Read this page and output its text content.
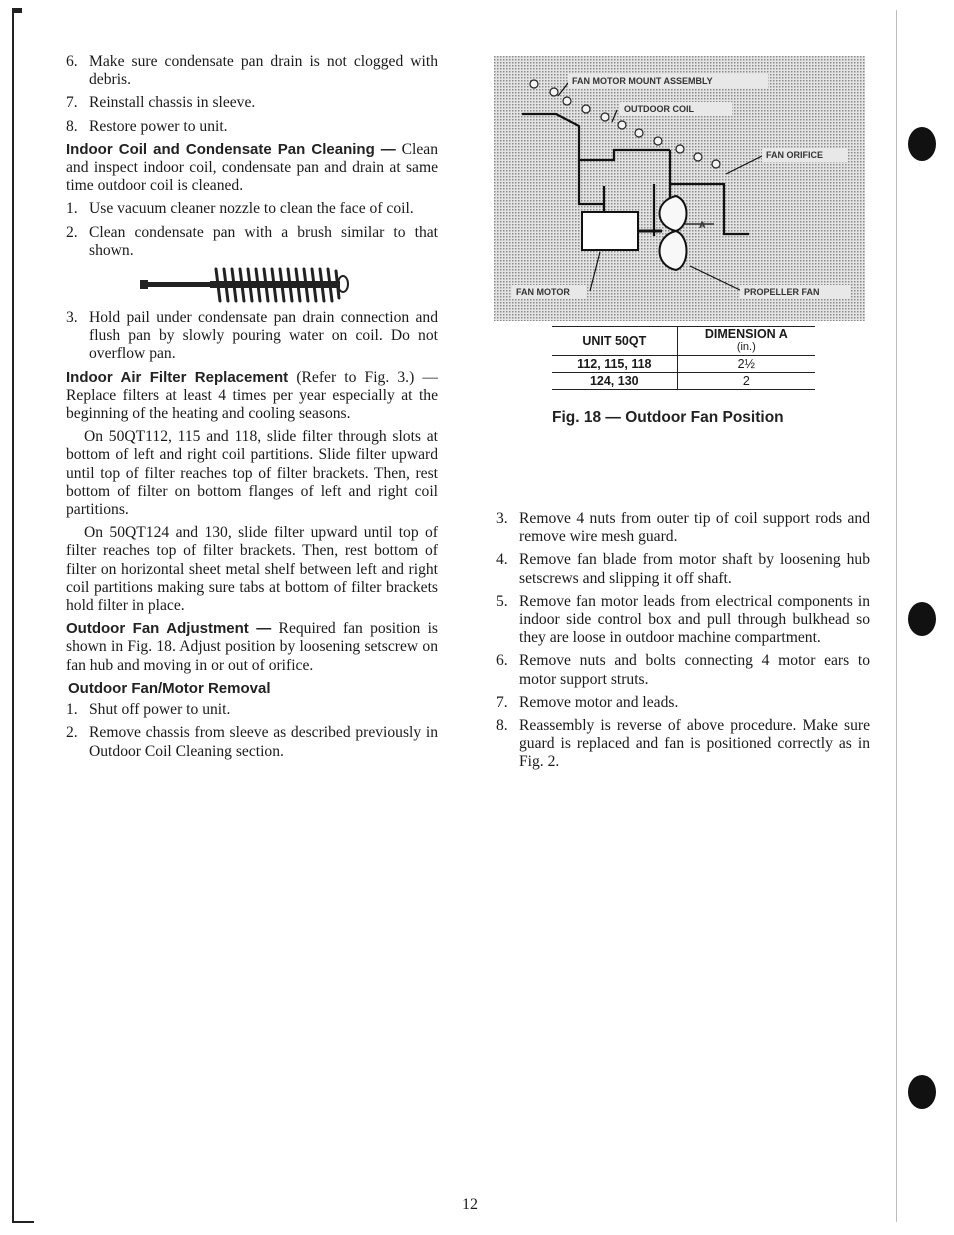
6. Make sure condensate pan drain is not clogged with debris.
7. Reinstall chassis in sleeve.
8. Restore power to unit.
Indoor Coil and Condensate Pan Cleaning — Clean and inspect indoor coil, condensate pan and drain at same time outdoor coil is cleaned.
1. Use vacuum cleaner nozzle to clean the face of coil.
2. Clean condensate pan with a brush similar to that shown.
3. Hold pail under condensate pan drain connection and flush pan by slowly pouring water on coil. Do not overflow pan.
Indoor Air Filter Replacement (Refer to Fig. 3.) — Replace filters at least 4 times per year especially at the beginning of the heating and cooling seasons.
On 50QT112, 115 and 118, slide filter through slots at bottom of left and right coil partitions. Slide filter upward until top of filter reaches top of filter brackets. Then, rest bottom of filter on bottom flanges of left and right coil partitions.
On 50QT124 and 130, slide filter upward until top of filter reaches top of filter brackets. Then, rest bottom of filter on horizontal sheet metal shelf between left and right coil partitions making sure tabs at bottom of filter brackets hold filter in place.
Outdoor Fan Adjustment — Required fan position is shown in Fig. 18. Adjust position by loosening setscrew on fan hub and moving in or out of orifice.
Outdoor Fan/Motor Removal
1. Shut off power to unit.
2. Remove chassis from sleeve as described previously in Outdoor Coil Cleaning section.
A
FAN MOTOR MOUNT ASSEMBLY
OUTDOOR COIL
FAN ORIFICE
FAN MOTOR	PROPELLER FAN
UNIT 50QT	DIMENSION A
(in.)

112, 115, 118	2½
124, 130	2
Fig. 18 — Outdoor Fan Position
3. Remove 4 nuts from outer tip of coil support rods and remove wire mesh guard.
4. Remove fan blade from motor shaft by loosening hub setscrews and slipping it off shaft.
5. Remove fan motor leads from electrical components in indoor side control box and pull through bulkhead so they are loose in outdoor machine compartment.
6. Remove nuts and bolts connecting 4 motor ears to motor support struts.
7. Remove motor and leads.
8. Reassembly is reverse of above procedure. Make sure guard is replaced and fan is positioned correctly as in Fig. 2.
12
